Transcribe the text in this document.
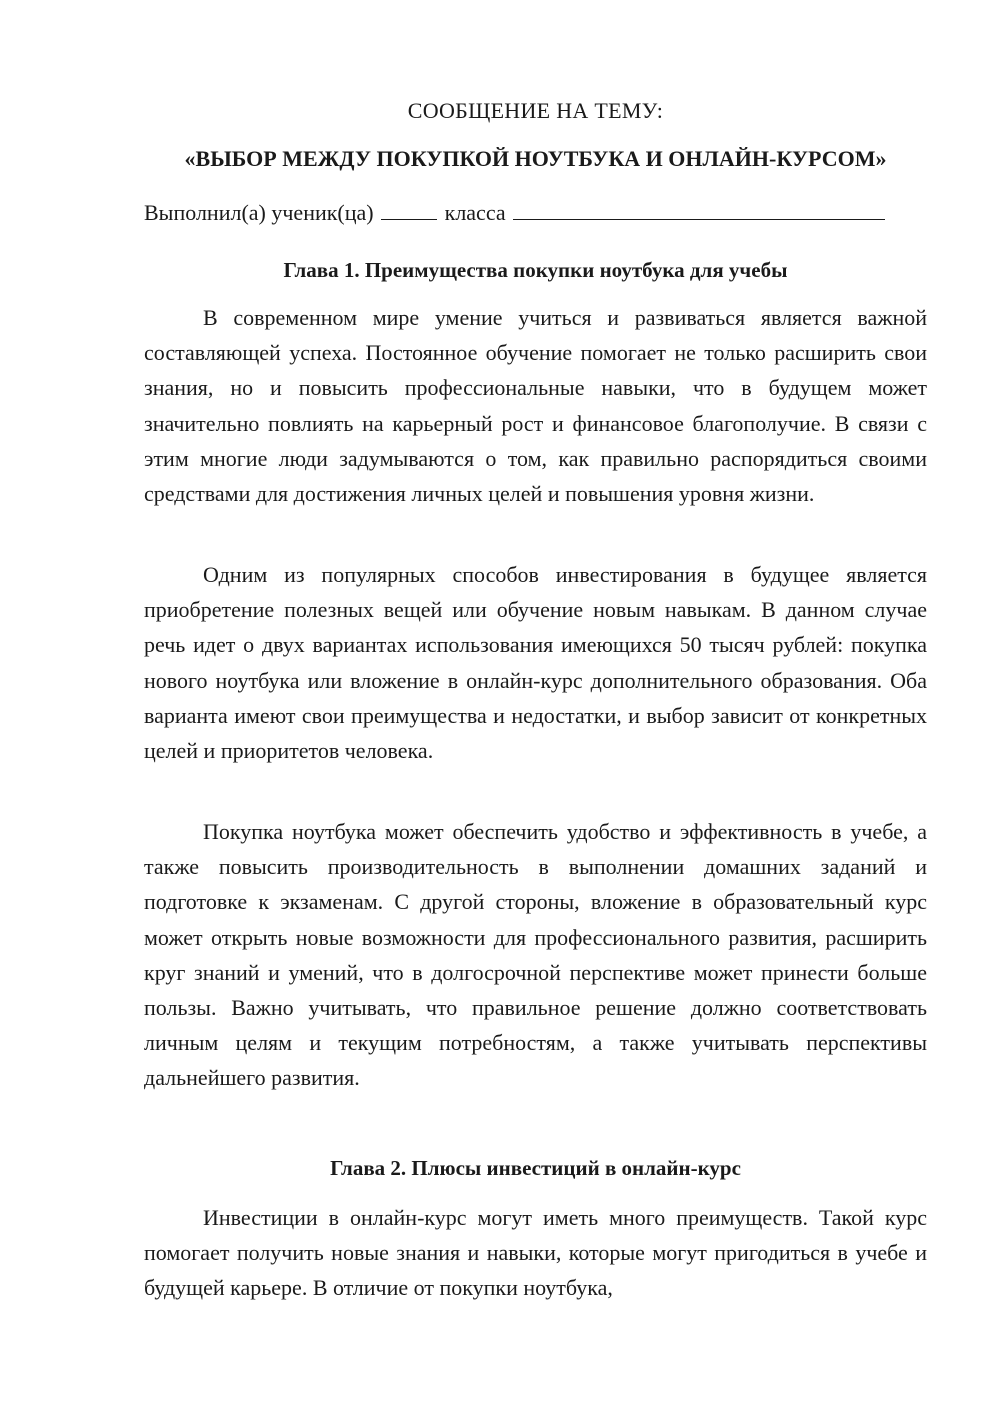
СООБЩЕНИЕ НА ТЕМУ:
«ВЫБОР МЕЖДУ ПОКУПКОЙ НОУТБУКА И ОНЛАЙН-КУРСОМ»
Выполнил(а) ученик(ца)	класса
Глава 1. Преимущества покупки ноутбука для учебы

В современном мире умение учиться и развиваться является важной составляющей успеха. Постоянное обучение помогает не только расширить свои знания, но и повысить профессиональные навыки, что в будущем может значительно повлиять на карьерный рост и финансовое благополучие. В связи с этим многие люди задумываются о том, как правильно распорядиться своими средствами для достижения личных целей и повышения уровня жизни.

Одним из популярных способов инвестирования в будущее является приобретение полезных вещей или обучение новым навыкам. В данном случае речь идет о двух вариантах использования имеющихся 50 тысяч рублей: покупка нового ноутбука или вложение в онлайн-курс дополнительного образования. Оба варианта имеют свои преимущества и недостатки, и выбор зависит от конкретных целей и приоритетов человека.

Покупка ноутбука может обеспечить удобство и эффективность в учебе, а также повысить производительность в выполнении домашних заданий и подготовке к экзаменам. С другой стороны, вложение в образовательный курс может открыть новые возможности для профессионального развития, расширить круг знаний и умений, что в долгосрочной перспективе может принести больше пользы. Важно учитывать, что правильное решение должно соответствовать личным целям и текущим потребностям, а также учитывать перспективы дальнейшего развития.

Глава 2. Плюсы инвестиций в онлайн-курс

Инвестиции в онлайн-курс могут иметь много преимуществ. Такой курс помогает получить новые знания и навыки, которые могут пригодиться в учебе и будущей карьере. В отличие от покупки ноутбука,
